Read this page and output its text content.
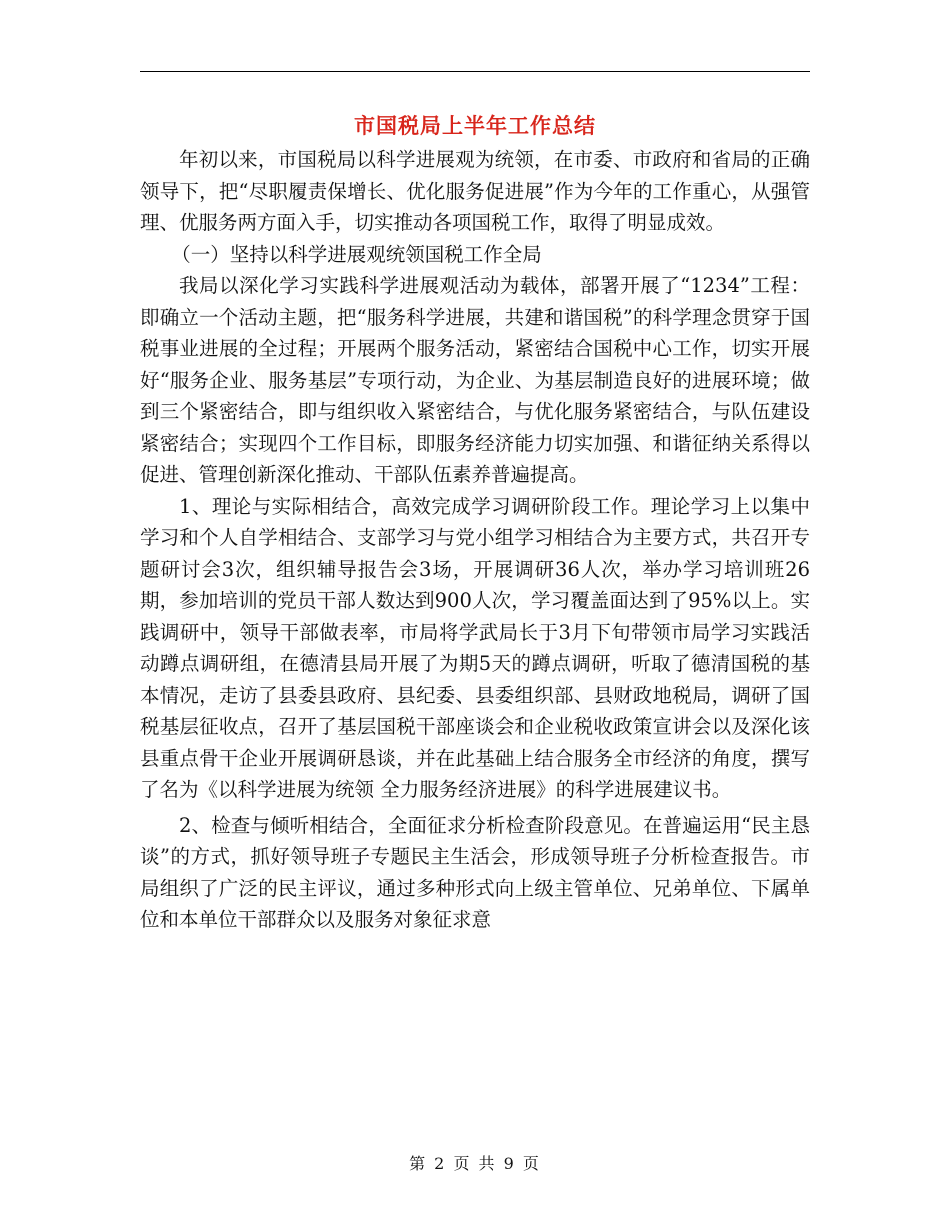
市国税局上半年工作总结

年初以来，市国税局以科学进展观为统领，在市委、市政府和省局的正确领导下，把“尽职履责保增长、优化服务促进展”作为今年的工作重心，从强管理、优服务两方面入手，切实推动各项国税工作，取得了明显成效。

（一）坚持以科学进展观统领国税工作全局

我局以深化学习实践科学进展观活动为载体，部署开展了“1234”工程：即确立一个活动主题，把“服务科学进展，共建和谐国税”的科学理念贯穿于国税事业进展的全过程；开展两个服务活动，紧密结合国税中心工作，切实开展好“服务企业、服务基层”专项行动，为企业、为基层制造良好的进展环境；做到三个紧密结合，即与组织收入紧密结合，与优化服务紧密结合，与队伍建设紧密结合；实现四个工作目标，即服务经济能力切实加强、和谐征纳关系得以促进、管理创新深化推动、干部队伍素养普遍提高。

1、理论与实际相结合，高效完成学习调研阶段工作。理论学习上以集中学习和个人自学相结合、支部学习与党小组学习相结合为主要方式，共召开专题研讨会3次，组织辅导报告会3场，开展调研36人次，举办学习培训班26期，参加培训的党员干部人数达到900人次，学习覆盖面达到了95%以上。实践调研中，领导干部做表率，市局将学武局长于3月下旬带领市局学习实践活动蹲点调研组，在德清县局开展了为期5天的蹲点调研，听取了德清国税的基本情况，走访了县委县政府、县纪委、县委组织部、县财政地税局，调研了国税基层征收点，召开了基层国税干部座谈会和企业税收政策宣讲会以及深化该县重点骨干企业开展调研恳谈，并在此基础上结合服务全市经济的角度，撰写了名为《以科学进展为统领 全力服务经济进展》的科学进展建议书。

2、检查与倾听相结合，全面征求分析检查阶段意见。在普遍运用“民主恳谈”的方式，抓好领导班子专题民主生活会，形成领导班子分析检查报告。市局组织了广泛的民主评议，通过多种形式向上级主管单位、兄弟单位、下属单位和本单位干部群众以及服务对象征求意

第 2 页 共 9 页
